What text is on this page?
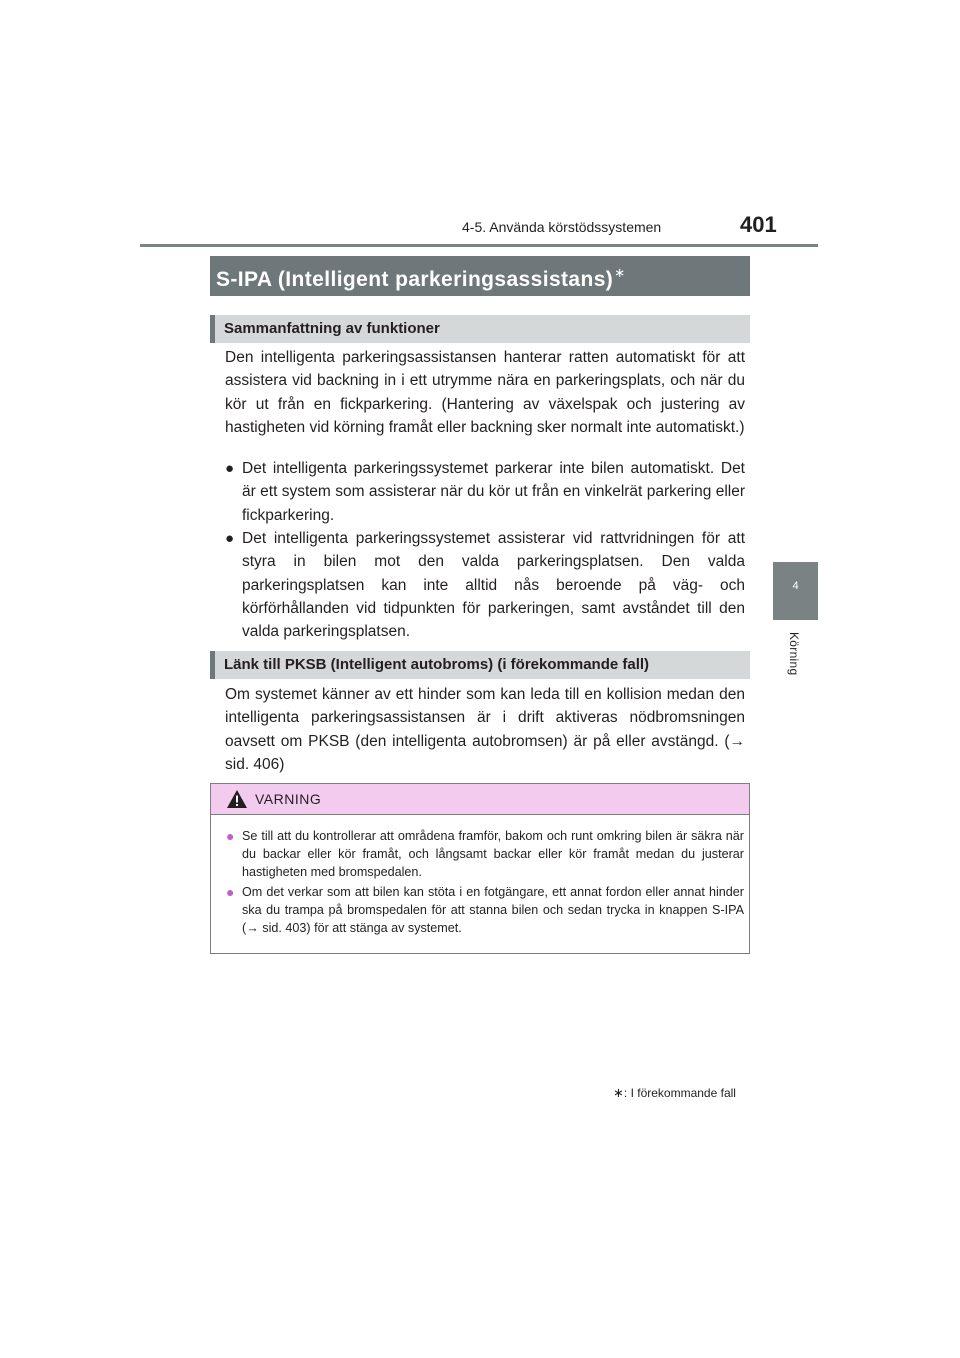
4-5. Använda körstödssystemen	401
4
Körning
S-IPA (Intelligent parkeringsassistans)∗
Sammanfattning av funktioner
Den intelligenta parkeringsassistansen hanterar ratten automatiskt för att assistera vid backning in i ett utrymme nära en parkeringsplats, och när du kör ut från en fickparkering. (Hantering av växelspak och justering av hastigheten vid körning framåt eller backning sker normalt inte automatiskt.)
● Det intelligenta parkeringssystemet parkerar inte bilen automatiskt. Det är ett system som assisterar när du kör ut från en vinkelrät parkering eller fickparkering.
● Det intelligenta parkeringssystemet assisterar vid rattvridningen för att styra in bilen mot den valda parkeringsplatsen. Den valda parkeringsplatsen kan inte alltid nås beroende på väg- och körförhållanden vid tidpunkten för parkeringen, samt avståndet till den valda parkeringsplatsen.
Länk till PKSB (Intelligent autobroms) (i förekommande fall)
Om systemet känner av ett hinder som kan leda till en kollision medan den intelligenta parkeringsassistansen är i drift aktiveras nödbromsningen oavsett om PKSB (den intelligenta autobromsen) är på eller avstängd. (→ sid. 406)
VARNING
● Se till att du kontrollerar att områdena framför, bakom och runt omkring bilen är säkra när du backar eller kör framåt, och långsamt backar eller kör framåt medan du justerar hastigheten med bromspedalen.
● Om det verkar som att bilen kan stöta i en fotgängare, ett annat fordon eller annat hinder ska du trampa på bromspedalen för att stanna bilen och sedan trycka in knappen S-IPA (→ sid. 403) för att stänga av systemet.
∗: I förekommande fall
